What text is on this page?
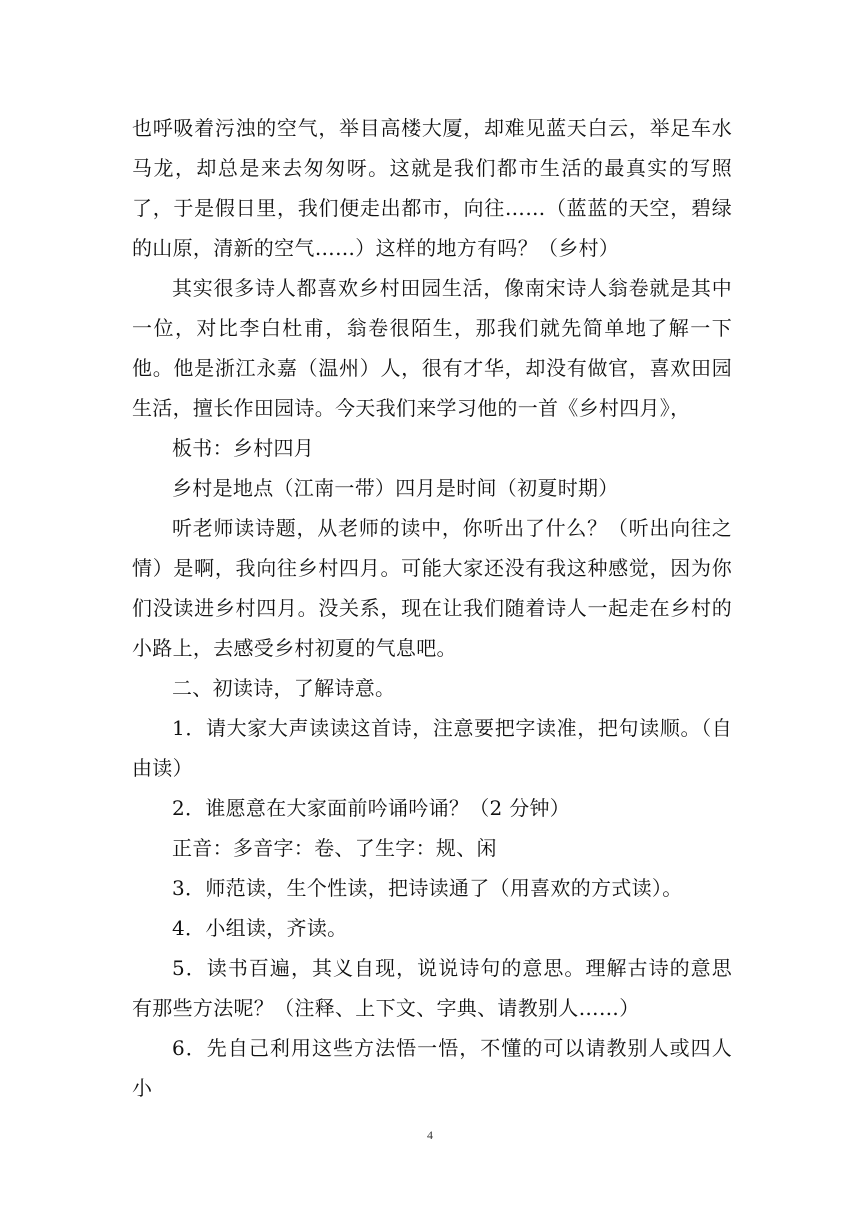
也呼吸着污浊的空气，举目高楼大厦，却难见蓝天白云，举足车水马龙，却总是来去匆匆呀。这就是我们都市生活的最真实的写照了，于是假日里，我们便走出都市，向往……（蓝蓝的天空，碧绿的山原，清新的空气……）这样的地方有吗？（乡村）

其实很多诗人都喜欢乡村田园生活，像南宋诗人翁卷就是其中一位，对比李白杜甫，翁卷很陌生，那我们就先简单地了解一下他。他是浙江永嘉（温州）人，很有才华，却没有做官，喜欢田园生活，擅长作田园诗。今天我们来学习他的一首《乡村四月》，

板书：乡村四月

乡村是地点（江南一带）四月是时间（初夏时期）

听老师读诗题，从老师的读中，你听出了什么？（听出向往之情）是啊，我向往乡村四月。可能大家还没有我这种感觉，因为你们没读进乡村四月。没关系，现在让我们随着诗人一起走在乡村的小路上，去感受乡村初夏的气息吧。

二、初读诗，了解诗意。

1．请大家大声读读这首诗，注意要把字读准，把句读顺。（自由读）

2．谁愿意在大家面前吟诵吟诵？（2 分钟）

正音：多音字：卷、了生字：规、闲

3．师范读，生个性读，把诗读通了（用喜欢的方式读）。

4．小组读，齐读。

5．读书百遍，其义自现，说说诗句的意思。理解古诗的意思有那些方法呢？（注释、上下文、字典、请教别人……）

6．先自己利用这些方法悟一悟，不懂的可以请教别人或四人小

4
